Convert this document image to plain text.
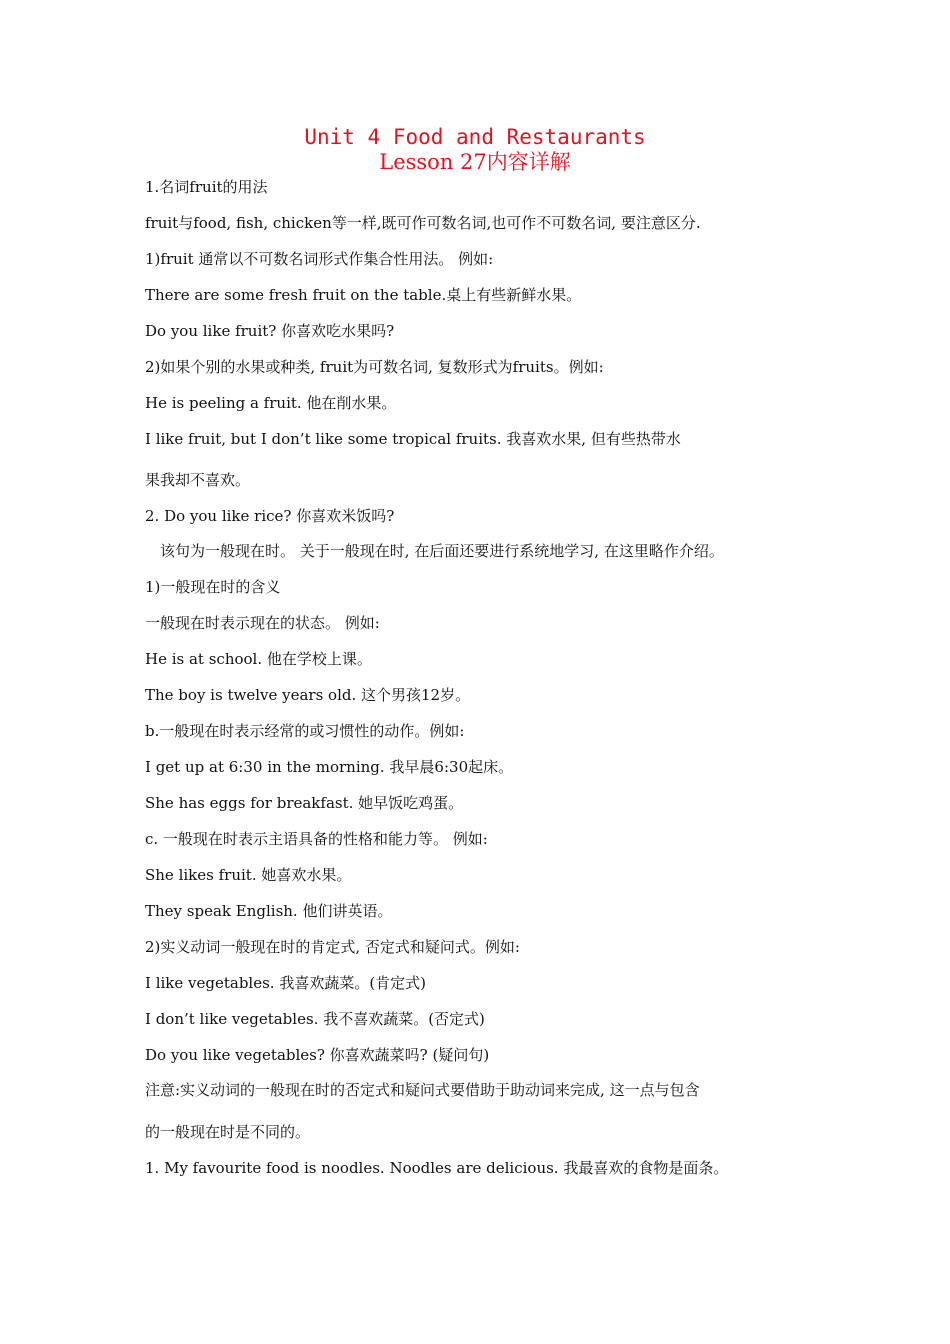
Unit 4 Food and Restaurants
Lesson 27内容详解
1.名词fruit的用法
fruit与food, fish, chicken等一样,既可作可数名词,也可作不可数名词, 要注意区分.
1)fruit 通常以不可数名词形式作集合性用法。 例如:
There are some fresh fruit on the table.桌上有些新鲜水果。
Do you like fruit? 你喜欢吃水果吗?
2)如果个别的水果或种类, fruit为可数名词, 复数形式为fruits。例如:
He is peeling a fruit. 他在削水果。
I like fruit, but I don’t like some tropical fruits. 我喜欢水果, 但有些热带水
果我却不喜欢。
2. Do you like rice? 你喜欢米饭吗?
该句为一般现在时。 关于一般现在时, 在后面还要进行系统地学习, 在这里略作介绍。
1)一般现在时的含义
一般现在时表示现在的状态。 例如:
He is at school. 他在学校上课。
The boy is twelve years old. 这个男孩12岁。
b.一般现在时表示经常的或习惯性的动作。例如:
I get up at 6:30 in the morning. 我早晨6:30起床。
She has eggs for breakfast. 她早饭吃鸡蛋。
c. 一般现在时表示主语具备的性格和能力等。 例如:
She likes fruit. 她喜欢水果。
They speak English. 他们讲英语。
2)实义动词一般现在时的肯定式, 否定式和疑问式。例如:
I like vegetables. 我喜欢蔬菜。(肯定式)
I don’t like vegetables. 我不喜欢蔬菜。(否定式)
Do you like vegetables? 你喜欢蔬菜吗? (疑问句)
注意:实义动词的一般现在时的否定式和疑问式要借助于助动词来完成, 这一点与包含
的一般现在时是不同的。
1. My favourite food is noodles. Noodles are delicious. 我最喜欢的食物是面条。
